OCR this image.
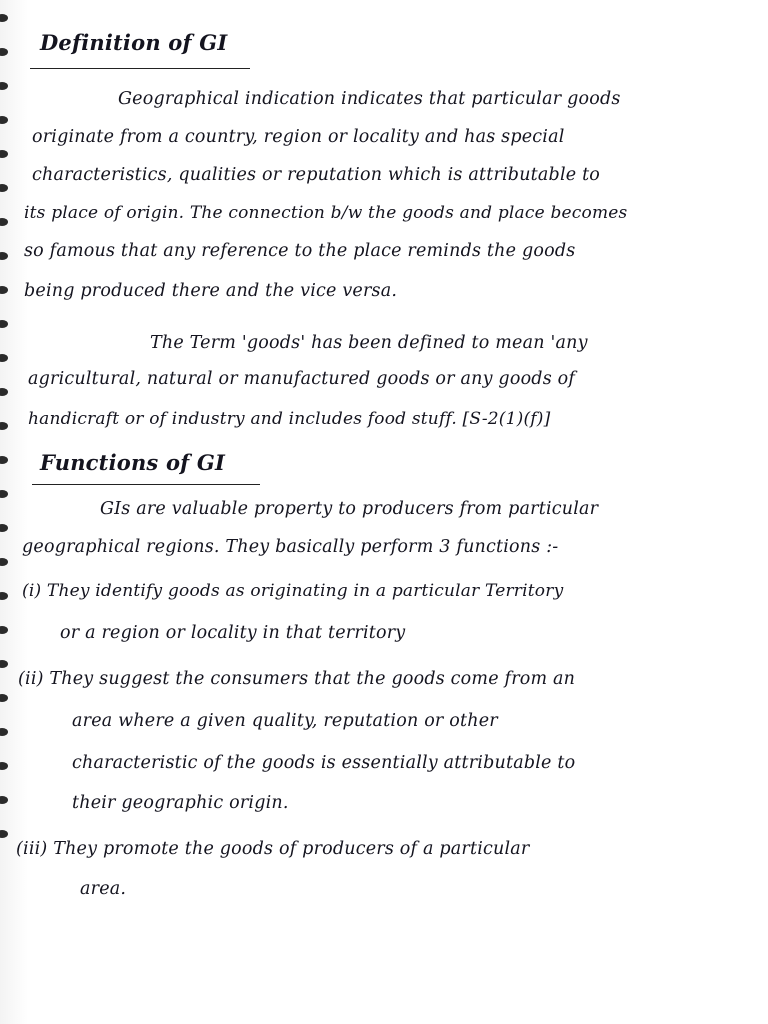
Definition of GI

Geographical indication indicates that particular goods

originate from a country, region or locality and has special

characteristics, qualities or reputation which is attributable to

its place of origin. The connection b/w the goods and place becomes

so famous that any reference to the place reminds the goods

being produced there and the vice versa.

The Term 'goods' has been defined to mean 'any

agricultural, natural or manufactured goods or any goods of

handicraft or of industry and includes food stuff. [S-2(1)(f)]

Functions of GI

GIs are valuable property to producers from particular

geographical regions. They basically perform 3 functions :-

(i) They identify goods as originating in a particular Territory

or a region or locality in that territory

(ii) They suggest the consumers that the goods come from an

area where a given quality, reputation or other

characteristic of the goods is essentially attributable to

their geographic origin.

(iii) They promote the goods of producers of a particular

area.
